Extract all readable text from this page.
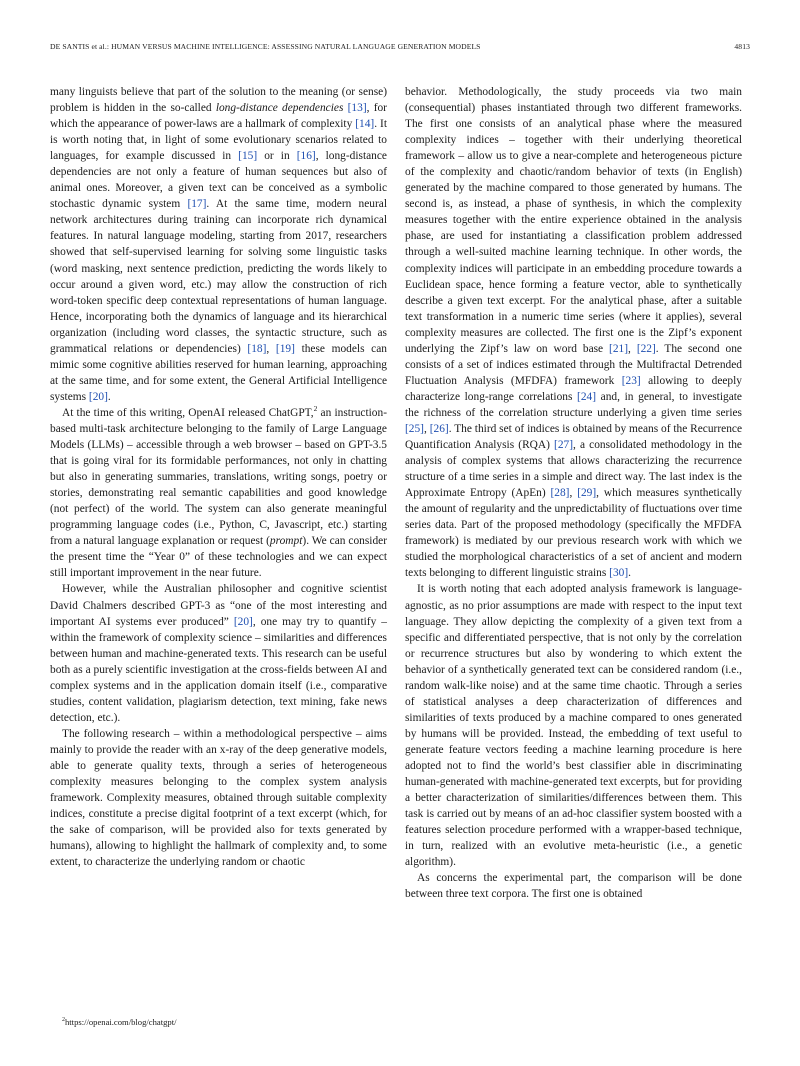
DE SANTIS et al.: HUMAN VERSUS MACHINE INTELLIGENCE: ASSESSING NATURAL LANGUAGE GENERATION MODELS	4813

many linguists believe that part of the solution to the meaning (or sense) problem is hidden in the so-called long-distance dependencies [13], for which the appearance of power-laws are a hallmark of complexity [14]. It is worth noting that, in light of some evolutionary scenarios related to languages, for example discussed in [15] or in [16], long-distance dependencies are not only a feature of human sequences but also of animal ones. Moreover, a given text can be conceived as a symbolic stochastic dynamic system [17]. At the same time, modern neural network architectures during training can incorporate rich dynamical features. In natural language modeling, starting from 2017, researchers showed that self-supervised learning for solving some linguistic tasks (word masking, next sentence prediction, predicting the words likely to occur around a given word, etc.) may allow the construction of rich word-token specific deep contextual representations of human language. Hence, incorporating both the dynamics of language and its hierarchical organization (including word classes, the syntactic structure, such as grammatical relations or dependencies) [18], [19] these models can mimic some cognitive abilities reserved for human learning, approaching at the same time, and for some extent, the General Artificial Intelligence systems [20].

At the time of this writing, OpenAI released ChatGPT,$^2$ an instruction-based multi-task architecture belonging to the family of Large Language Models (LLMs) – accessible through a web browser – based on GPT-3.5 that is going viral for its formidable performances, not only in chatting but also in generating summaries, translations, writing songs, poetry or stories, demonstrating real semantic capabilities and good knowledge (not perfect) of the world. The system can also generate meaningful programming language codes (i.e., Python, C, Javascript, etc.) starting from a natural language explanation or request (prompt). We can consider the present time the “Year 0” of these technologies and we can expect still important improvement in the near future.

However, while the Australian philosopher and cognitive scientist David Chalmers described GPT-3 as “one of the most interesting and important AI systems ever produced” [20], one may try to quantify – within the framework of complexity science – similarities and differences between human and machine-generated texts. This research can be useful both as a purely scientific investigation at the cross-fields between AI and complex systems and in the application domain itself (i.e., comparative studies, content validation, plagiarism detection, text mining, fake news detection, etc.).

The following research – within a methodological perspective – aims mainly to provide the reader with an x-ray of the deep generative models, able to generate quality texts, through a series of heterogeneous complexity measures belonging to the complex system analysis framework. Complexity measures, obtained through suitable complexity indices, constitute a precise digital footprint of a text excerpt (which, for the sake of comparison, will be provided also for texts generated by humans), allowing to highlight the hallmark of complexity and, to some extent, to characterize the underlying random or chaotic

behavior. Methodologically, the study proceeds via two main (consequential) phases instantiated through two different frameworks. The first one consists of an analytical phase where the measured complexity indices – together with their underlying theoretical framework – allow us to give a near-complete and heterogeneous picture of the complexity and chaotic/random behavior of texts (in English) generated by the machine compared to those generated by humans. The second is, as instead, a phase of synthesis, in which the complexity measures together with the entire experience obtained in the analysis phase, are used for instantiating a classification problem addressed through a well-suited machine learning technique. In other words, the complexity indices will participate in an embedding procedure towards a Euclidean space, hence forming a feature vector, able to synthetically describe a given text excerpt. For the analytical phase, after a suitable text transformation in a numeric time series (where it applies), several complexity measures are collected. The first one is the Zipf’s exponent underlying the Zipf’s law on word base [21], [22]. The second one consists of a set of indices estimated through the Multifractal Detrended Fluctuation Analysis (MFDFA) framework [23] allowing to deeply characterize long-range correlations [24] and, in general, to investigate the richness of the correlation structure underlying a given time series [25], [26]. The third set of indices is obtained by means of the Recurrence Quantification Analysis (RQA) [27], a consolidated methodology in the analysis of complex systems that allows characterizing the recurrence structure of a time series in a simple and direct way. The last index is the Approximate Entropy (ApEn) [28], [29], which measures synthetically the amount of regularity and the unpredictability of fluctuations over time series data. Part of the proposed methodology (specifically the MFDFA framework) is mediated by our previous research work with which we studied the morphological characteristics of a set of ancient and modern texts belonging to different linguistic strains [30].

It is worth noting that each adopted analysis framework is language-agnostic, as no prior assumptions are made with respect to the input text language. They allow depicting the complexity of a given text from a specific and differentiated perspective, that is not only by the correlation or recurrence structures but also by wondering to which extent the behavior of a synthetically generated text can be considered random (i.e., random walk-like noise) and at the same time chaotic. Through a series of statistical analyses a deep characterization of differences and similarities of texts produced by a machine compared to ones generated by humans will be provided. Instead, the embedding of text useful to generate feature vectors feeding a machine learning procedure is here adopted not to find the world’s best classifier able in discriminating human-generated with machine-generated text excerpts, but for providing a better characterization of similarities/differences between them. This task is carried out by means of an ad-hoc classifier system boosted with a features selection procedure performed with a wrapper-based technique, in turn, realized with an evolutive meta-heuristic (i.e., a genetic algorithm).

As concerns the experimental part, the comparison will be done between three text corpora. The first one is obtained

$^2$https://openai.com/blog/chatgpt/
